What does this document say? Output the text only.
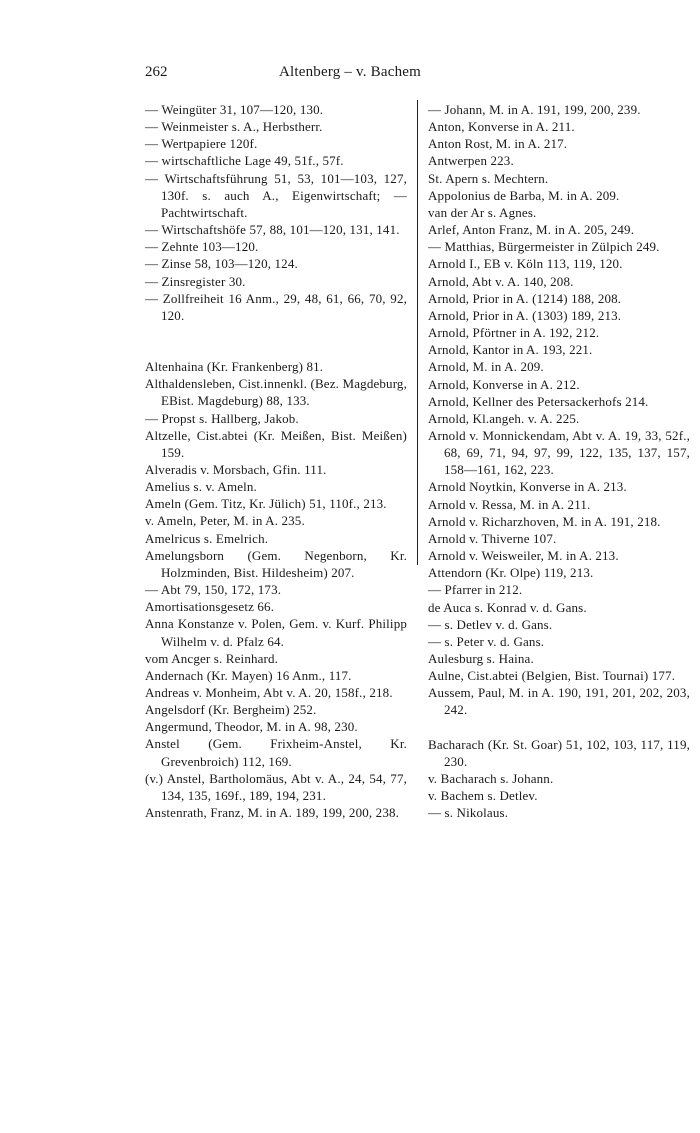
262	Altenberg – v. Bachem
— Weingüter 31, 107—120, 130.
— Weinmeister s. A., Herbstherr.
— Wertpapiere 120f.
— wirtschaftliche Lage 49, 51f., 57f.
— Wirtschaftsführung 51, 53, 101—103, 127, 130f. s. auch A., Eigenwirtschaft; — Pachtwirtschaft.
— Wirtschaftshöfe 57, 88, 101—120, 131, 141.
— Zehnte 103—120.
— Zinse 58, 103—120, 124.
— Zinsregister 30.
— Zollfreiheit 16 Anm., 29, 48, 61, 66, 70, 92, 120.
Altenhaina (Kr. Frankenberg) 81.
Althaldensleben, Cist.innenkl. (Bez. Magdeburg, EBist. Magdeburg) 88, 133.
— Propst s. Hallberg, Jakob.
Altzelle, Cist.abtei (Kr. Meißen, Bist. Meißen) 159.
Alveradis v. Morsbach, Gfin. 111.
Amelius s. v. Ameln.
Ameln (Gem. Titz, Kr. Jülich) 51, 110f., 213.
v. Ameln, Peter, M. in A. 235.
Amelricus s. Emelrich.
Amelungsborn (Gem. Negenborn, Kr. Holzminden, Bist. Hildesheim) 207.
— Abt 79, 150, 172, 173.
Amortisationsgesetz 66.
Anna Konstanze v. Polen, Gem. v. Kurf. Philipp Wilhelm v. d. Pfalz 64.
vom Ancger s. Reinhard.
Andernach (Kr. Mayen) 16 Anm., 117.
Andreas v. Monheim, Abt v. A. 20, 158f., 218.
Angelsdorf (Kr. Bergheim) 252.
Angermund, Theodor, M. in A. 98, 230.
Anstel (Gem. Frixheim-Anstel, Kr. Grevenbroich) 112, 169.
(v.) Anstel, Bartholomäus, Abt v. A., 24, 54, 77, 134, 135, 169f., 189, 194, 231.
Anstenrath, Franz, M. in A. 189, 199, 200, 238.
— Johann, M. in A. 191, 199, 200, 239.
Anton, Konverse in A. 211.
Anton Rost, M. in A. 217.
Antwerpen 223.
St. Apern s. Mechtern.
Appolonius de Barba, M. in A. 209.
van der Ar s. Agnes.
Arlef, Anton Franz, M. in A. 205, 249.
— Matthias, Bürgermeister in Zülpich 249.
Arnold I., EB v. Köln 113, 119, 120.
Arnold, Abt v. A. 140, 208.
Arnold, Prior in A. (1214) 188, 208.
Arnold, Prior in A. (1303) 189, 213.
Arnold, Pförtner in A. 192, 212.
Arnold, Kantor in A. 193, 221.
Arnold, M. in A. 209.
Arnold, Konverse in A. 212.
Arnold, Kellner des Petersackerhofs 214.
Arnold, Kl.angeh. v. A. 225.
Arnold v. Monnickendam, Abt v. A. 19, 33, 52f., 68, 69, 71, 94, 97, 99, 122, 135, 137, 157, 158—161, 162, 223.
Arnold Noytkin, Konverse in A. 213.
Arnold v. Ressa, M. in A. 211.
Arnold v. Richarzhoven, M. in A. 191, 218.
Arnold v. Thiverne 107.
Arnold v. Weisweiler, M. in A. 213.
Attendorn (Kr. Olpe) 119, 213.
— Pfarrer in 212.
de Auca s. Konrad v. d. Gans.
— s. Detlev v. d. Gans.
— s. Peter v. d. Gans.
Aulesburg s. Haina.
Aulne, Cist.abtei (Belgien, Bist. Tournai) 177.
Aussem, Paul, M. in A. 190, 191, 201, 202, 203, 242.
Bacharach (Kr. St. Goar) 51, 102, 103, 117, 119, 230.
v. Bacharach s. Johann.
v. Bachem s. Detlev.
— s. Nikolaus.
